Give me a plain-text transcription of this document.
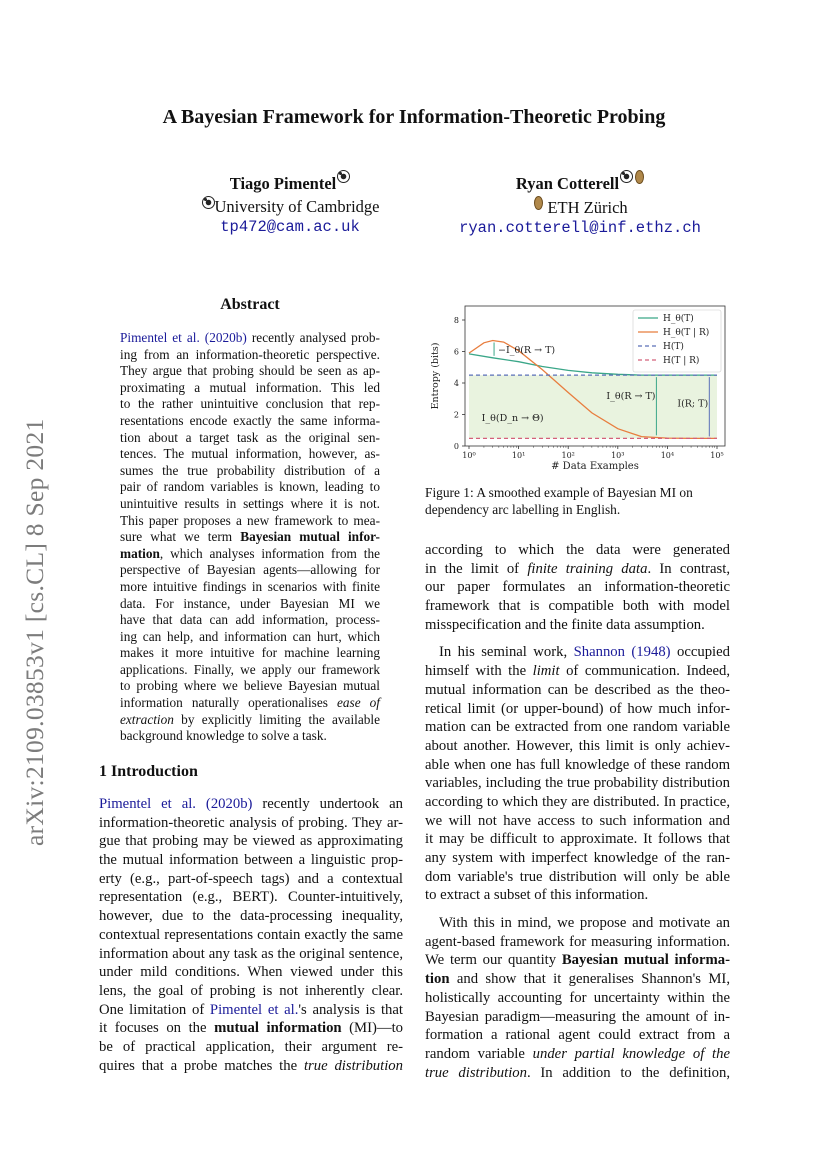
arXiv:2109.03853v1 [cs.CL] 8 Sep 2021
A Bayesian Framework for Information-Theoretic Probing
Tiago Pimentel
University of Cambridge
tp472@cam.ac.uk
Ryan Cotterell
ETH Zürich
ryan.cotterell@inf.ethz.ch
Abstract
Pimentel et al. (2020b) recently analysed prob-
ing from an information-theoretic perspective.
They argue that probing should be seen as ap-
proximating a mutual information. This led
to the rather unintuitive conclusion that rep-
resentations encode exactly the same informa-
tion about a target task as the original sen-
tences. The mutual information, however, as-
sumes the true probability distribution of a
pair of random variables is known, leading to
unintuitive results in settings where it is not.
This paper proposes a new framework to mea-
sure what we term Bayesian mutual infor-
mation, which analyses information from the
perspective of Bayesian agents—allowing for
more intuitive findings in scenarios with finite
data. For instance, under Bayesian MI we
have that data can add information, process-
ing can help, and information can hurt, which
makes it more intuitive for machine learning
applications. Finally, we apply our framework
to probing where we believe Bayesian mutual
information naturally operationalises ease of
extraction by explicitly limiting the available
background knowledge to solve a task.
1 Introduction
Pimentel et al. (2020b) recently undertook an
information-theoretic analysis of probing. They ar-
gue that probing may be viewed as approximating
the mutual information between a linguistic prop-
erty (e.g., part-of-speech tags) and a contextual
representation (e.g., BERT). Counter-intuitively,
however, due to the data-processing inequality,
contextual representations contain exactly the same
information about any task as the original sentence,
under mild conditions. When viewed under this
lens, the goal of probing is not inherently clear.
One limitation of Pimentel et al.'s analysis is that
it focuses on the mutual information (MI)—to
be of practical application, their argument re-
quires that a probe matches the true distribution
0
2
4
6
8
10⁰	10¹	10²	10³	10⁴	10⁵
# Data Examples
Entropy (bits)
H_θ(T)
H_θ(T | R)
H(T)
H(T | R)
−I_θ(R → T)
I_θ(R → T)
I(R; T)
I_θ(D_n → Θ)
Figure 1: A smoothed example of Bayesian MI on dependency arc labelling in English.
according to which the data were generated
in the limit of finite training data. In contrast,
our paper formulates an information-theoretic
framework that is compatible both with model
misspecification and the finite data assumption.
In his seminal work, Shannon (1948) occupied
himself with the limit of communication. Indeed,
mutual information can be described as the theo-
retical limit (or upper-bound) of how much infor-
mation can be extracted from one random variable
about another. However, this limit is only achiev-
able when one has full knowledge of these random
variables, including the true probability distribution
according to which they are distributed. In practice,
we will not have access to such information and
it may be difficult to approximate. It follows that
any system with imperfect knowledge of the ran-
dom variable's true distribution will only be able
to extract a subset of this information.
With this in mind, we propose and motivate an
agent-based framework for measuring information.
We term our quantity Bayesian mutual informa-
tion and show that it generalises Shannon's MI,
holistically accounting for uncertainty within the
Bayesian paradigm—measuring the amount of in-
formation a rational agent could extract from a
random variable under partial knowledge of the
true distribution. In addition to the definition,
